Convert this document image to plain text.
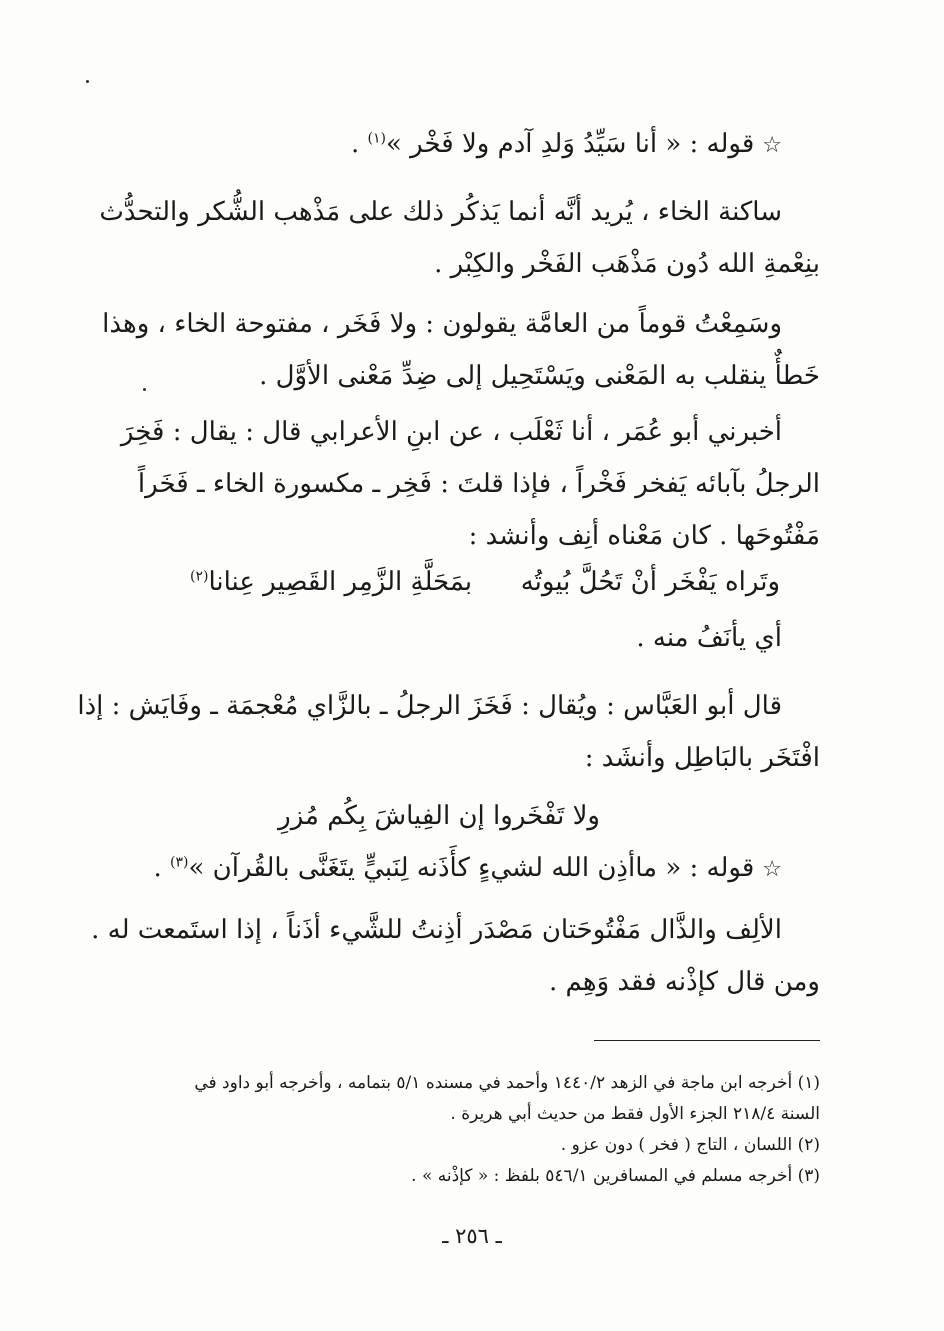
☆قوله : « أنا سَيِّدُ وَلدِ آدم ولا فَخْر »$^{(١)}$ .

ساكنة الخاء ، يُريد أنَّه أنما يَذكُر ذلك على مَذْهب الشُّكر والتحدُّث
بنِعْمةِ الله دُون مَذْهَب الفَخْر والكِبْر .

وسَمِعْتُ قوماً من العامَّة يقولون : ولا فَخَر ، مفتوحة الخاء ، وهذا
خَطأٌ ينقلب به المَعْنى ويَسْتَحِيل إلى ضِدِّ مَعْنى الأوَّل .

أخبرني أبو عُمَر ، أنا ثَعْلَب ، عن ابنِ الأعرابي قال : يقال : فَخِرَ
الرجلُ بآبائه يَفخر فَخْراً ، فإذا قلتَ : فَخِر ـ مكسورة الخاء ـ فَخَراً
مَفْتُوحَها . كان مَعْناه أنِف وأنشد :

وتَراه يَفْخَر أنْ تَحُلَّ بُيوتُه
بمَحَلَّةِ الزَّمِر القَصِير عِنانا$^{(٢)}$

أي يأنَفُ منه .

قال أبو العَبَّاس : ويُقال : فَخَزَ الرجلُ ـ بالزَّاي مُعْجمَة ـ وفَايَش : إذا
افْتَخَر بالبَاطِل وأنشَد :

ولا تَفْخَروا إن الفِياشَ بِكُم مُزرِ

☆قوله : « ماأذِن الله لشيءٍ كأَذَنه لِنَبيٍّ يتَغَنَّى بالقُرآن »$^{(٣)}$ .

الألِف والذَّال مَفْتُوحَتان مَصْدَر أذِنتُ للشَّيء أذَناً ، إذا استَمعت له .
ومن قال كإذْنه فقد وَهِم .

(١) أخرجه ابن ماجة في الزهد ١٤٤٠/٢ وأحمد في مسنده ٥/١ بتمامه ، وأخرجه أبو داود في
السنة ٢١٨/٤ الجزء الأول فقط من حديث أبي هريرة .
(٢) اللسان ، التاج ( فخر ) دون عزو .
(٣) أخرجه مسلم في المسافرين ٥٤٦/١ بلفظ : « كإذْنه » .
ـ ٢٥٦ ـ
